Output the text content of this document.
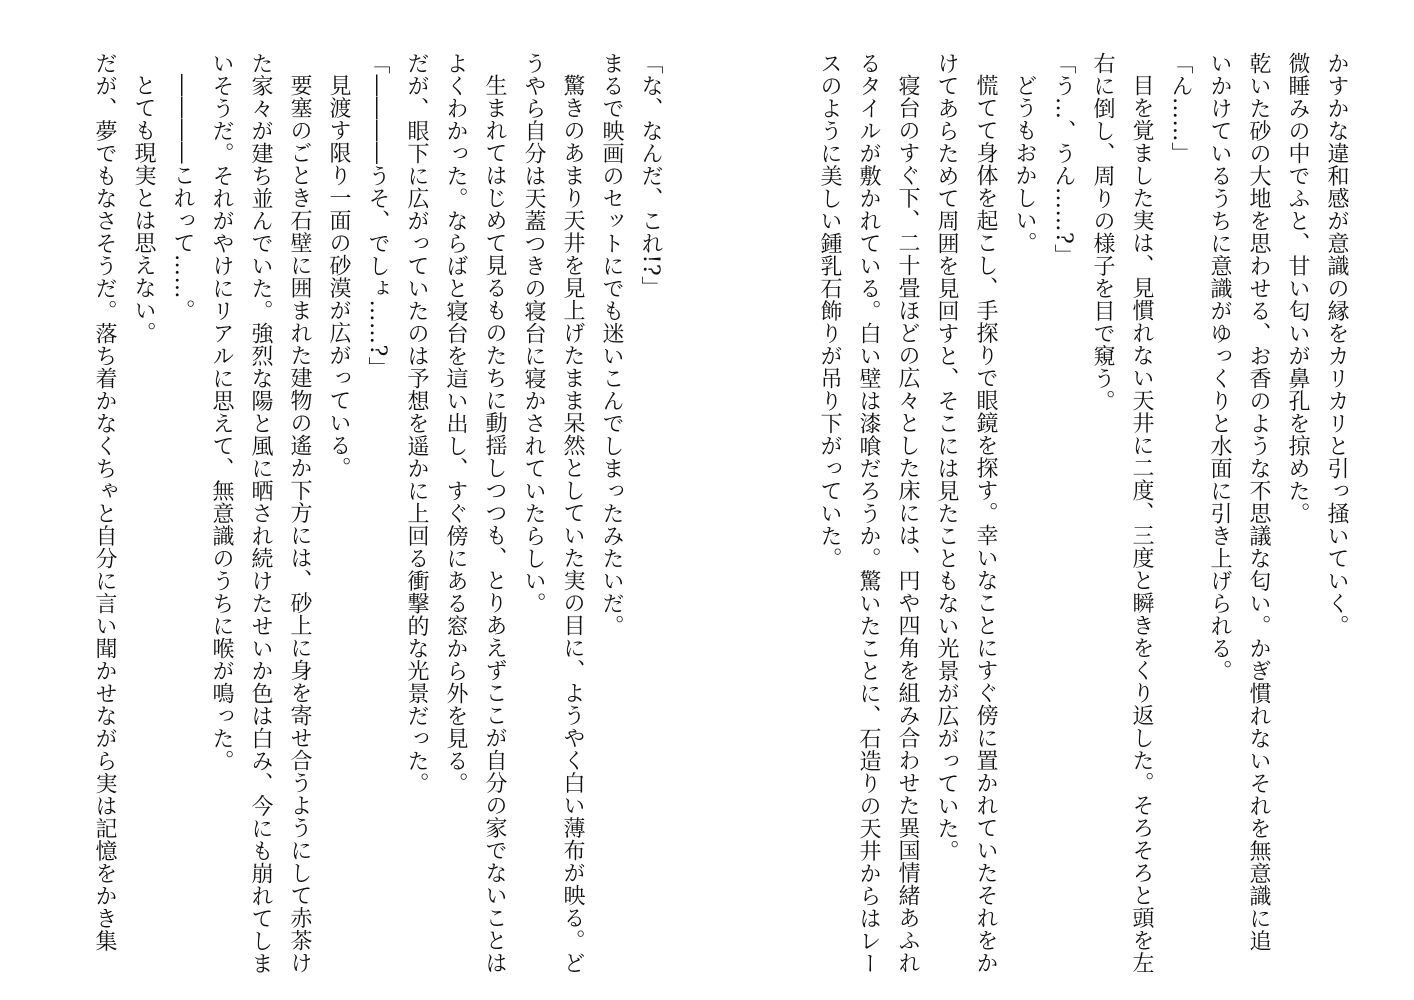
かすかな違和感が意識の縁をカリカリと引っ掻いていく。

微睡みの中でふと、甘い匂いが鼻孔を掠めた。

乾いた砂の大地を思わせる、お香のような不思議な匂い。かぎ慣れないそれを無意識に追

いかけているうちに意識がゆっくりと水面に引き上げられる。

「ん……」

目を覚ました実は、見慣れない天井に二度、三度と瞬きをくり返した。そろそろと頭を左

右に倒し、周りの様子を目で窺う。

「う…、うん……?」

どうもおかしい。

慌てて身体を起こし、手探りで眼鏡を探す。幸いなことにすぐ傍に置かれていたそれをか

けてあらためて周囲を見回すと、そこには見たこともない光景が広がっていた。

寝台のすぐ下、二十畳ほどの広々とした床には、円や四角を組み合わせた異国情緒あふれ

るタイルが敷かれている。白い壁は漆喰だろうか。驚いたことに、石造りの天井からはレー

スのように美しい鍾乳石飾りが吊り下がっていた。

「な、なんだ、これ!?」

まるで映画のセットにでも迷いこんでしまったみたいだ。

驚きのあまり天井を見上げたまま呆然としていた実の目に、ようやく白い薄布が映る。ど

うやら自分は天蓋つきの寝台に寝かされていたらしい。

生まれてはじめて見るものたちに動揺しつつも、とりあえずここが自分の家でないことは

よくわかった。ならばと寝台を這い出し、すぐ傍にある窓から外を見る。

だが、眼下に広がっていたのは予想を遥かに上回る衝撃的な光景だった。

「――――うそ、でしょ……?」

見渡す限り一面の砂漠が広がっている。

要塞のごとき石壁に囲まれた建物の遙か下方には、砂上に身を寄せ合うようにして赤茶け

た家々が建ち並んでいた。強烈な陽と風に晒され続けたせいか色は白み、今にも崩れてしま

いそうだ。それがやけにリアルに思えて、無意識のうちに喉が鳴った。

――――これって……。

とても現実とは思えない。

だが、夢でもなさそうだ。落ち着かなくちゃと自分に言い聞かせながら実は記憶をかき集
